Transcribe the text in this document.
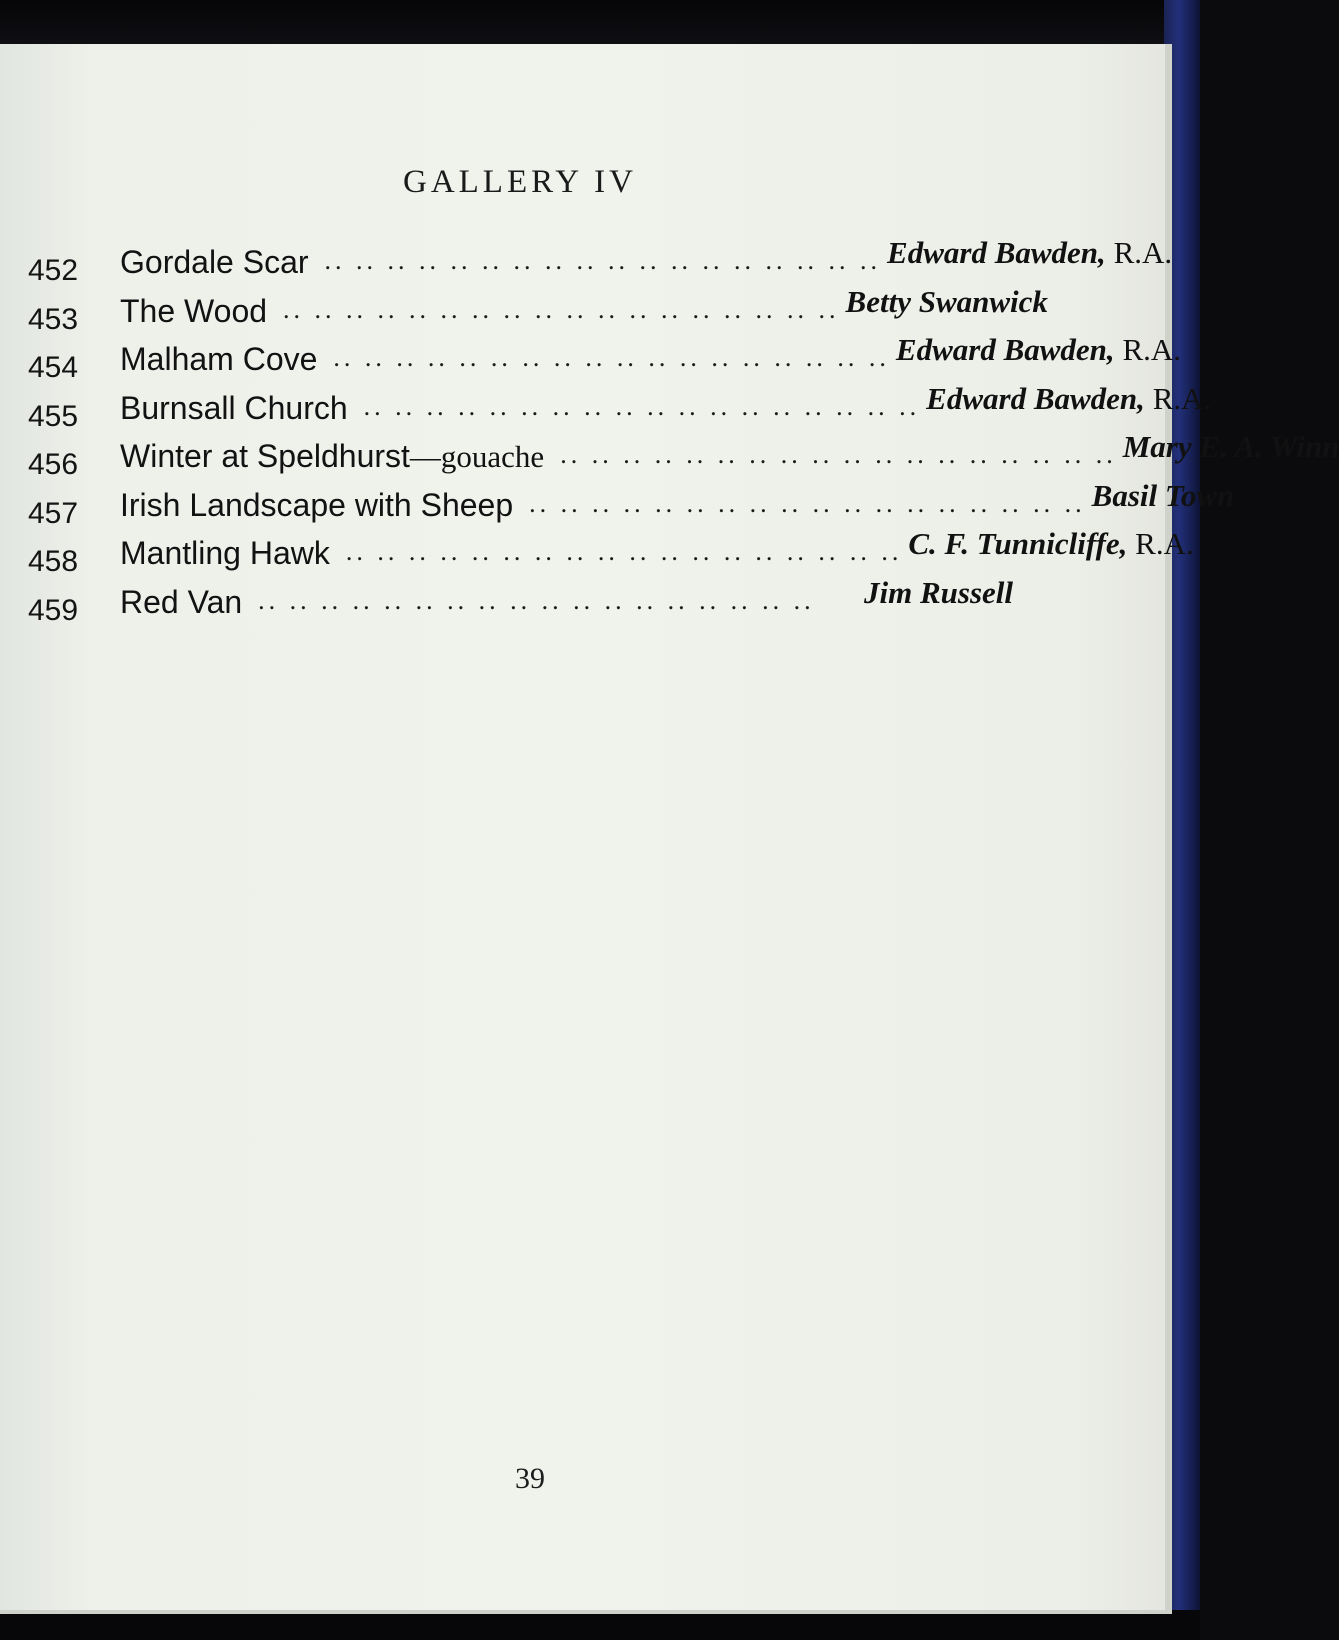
GALLERY IV
452	Gordale Scar .. .. .. .. .. .. .. .. .. .. .. .. .. .. .. .. .. .. Edward Bawden, R.A.
453	The Wood .. .. .. .. .. .. .. .. .. .. .. .. .. .. .. .. .. .. Betty Swanwick
454	Malham Cove .. .. .. .. .. .. .. .. .. .. .. .. .. .. .. .. .. .. Edward Bawden, R.A.
455	Burnsall Church .. .. .. .. .. .. .. .. .. .. .. .. .. .. .. .. .. .. Edward Bawden, R.A.
456	Winter at Speldhurst—gouache .. .. .. .. .. .. .. .. .. .. .. .. .. .. .. .. .. .. Mary E. A. Winn
457	Irish Landscape with Sheep .. .. .. .. .. .. .. .. .. .. .. .. .. .. .. .. .. .. Basil Town
458	Mantling Hawk .. .. .. .. .. .. .. .. .. .. .. .. .. .. .. .. .. .. C. F. Tunnicliffe, R.A.
459	Red Van .. .. .. .. .. .. .. .. .. .. .. .. .. .. .. .. .. ..	Jim Russell
39
